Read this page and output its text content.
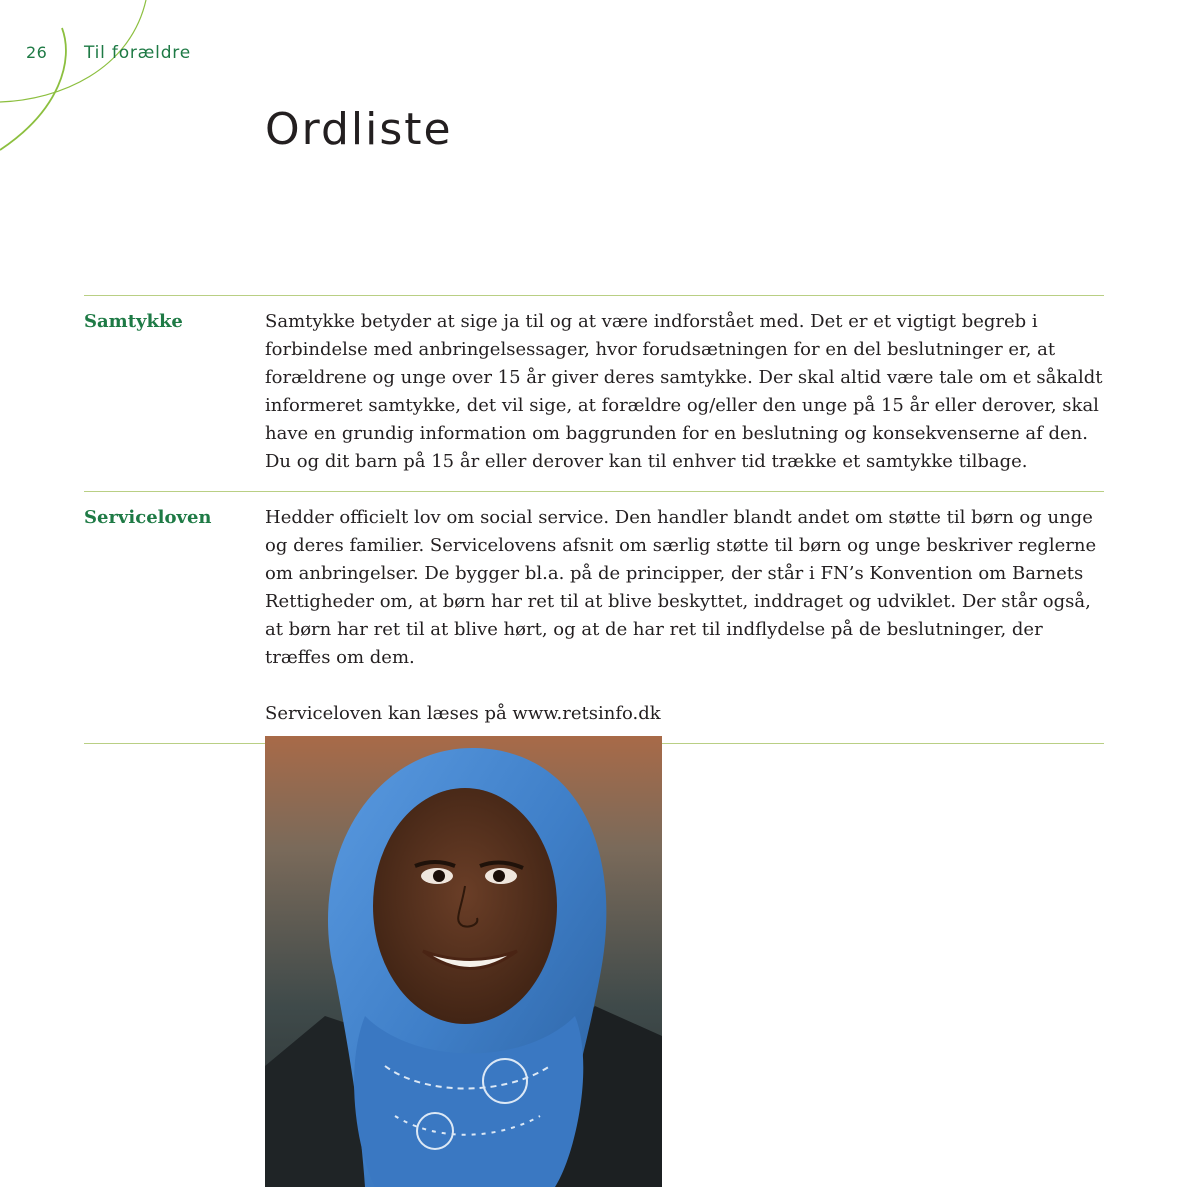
26 Til forældre
Ordliste
Samtykke	Samtykke betyder at sige ja til og at være indforstået med. Det er et vigtigt begreb i forbindelse med anbringelsessager, hvor forudsætningen for en del beslutninger er, at forældrene og unge over 15 år giver deres samtykke. Der skal altid være tale om et såkaldt informeret samtykke, det vil sige, at forældre og/eller den unge på 15 år eller derover, skal have en grundig information om baggrunden for en beslutning og konsekvenserne af den. Du og dit barn på 15 år eller derover kan til enhver tid trække et samtykke tilbage.

Serviceloven	Hedder officielt lov om social service. Den handler blandt andet om støtte til børn og unge og deres familier. Servicelovens afsnit om særlig støtte til børn og unge beskriver reglerne om anbringelser. De bygger bl.a. på de principper, der står i FN’s Konvention om Barnets Rettigheder om, at børn har ret til at blive beskyttet, inddraget og udviklet. Der står også, at børn har ret til at blive hørt, og at de har ret til indflydelse på de beslutninger, der træffes om dem.

Serviceloven kan læses på www.retsinfo.dk
